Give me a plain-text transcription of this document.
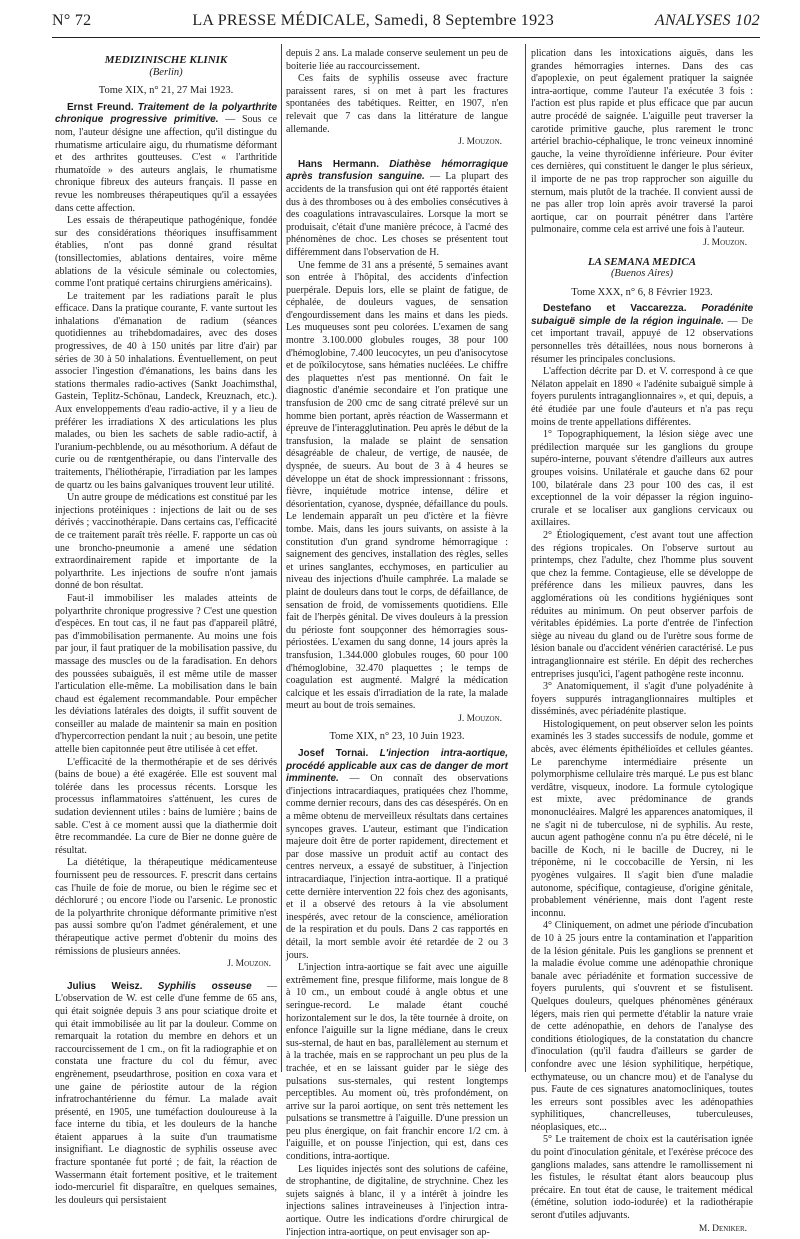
N° 72	LA PRESSE MÉDICALE, Samedi, 8 Septembre 1923	ANALYSES 102

MEDIZINISCHE KLINIK

(Berlin)

Tome XIX, n° 21, 27 Mai 1923.

Ernst Freund. Traitement de la polyarthrite chronique progressive primitive. — Sous ce nom, l'auteur désigne une affection, qu'il distingue du rhumatisme articulaire aigu, du rhumatisme déformant et des arthrites goutteuses. C'est « l'arthritide rhumatoïde » des auteurs anglais, le rhumatisme chronique fibreux des auteurs français. Il passe en revue les nombreuses thérapeutiques qu'il a essayées dans cette affection.

Les essais de thérapeutique pathogénique, fondée sur des considérations théoriques insuffisamment établies, n'ont pas donné grand résultat (tonsillectomies, ablations dentaires, voire même ablations de la vésicule séminale ou colectomies, comme l'ont pratiqué certains chirurgiens américains).

Le traitement par les radiations paraît le plus efficace. Dans la pratique courante, F. vante surtout les inhalations d'émanation de radium (séances quotidiennes au trihebdomadaires, avec des doses progressives, de 40 à 150 unités par litre d'air) par séries de 30 à 50 inhalations. Éventuellement, on peut associer l'ingestion d'émanations, les bains dans les stations thermales radio-actives (Sankt Joachimsthal, Gastein, Teplitz-Schönau, Landeck, Kreuznach, etc.). Aux enveloppements d'eau radio-active, il y a lieu de préférer les irradiations X des articulations les plus malades, ou bien les sachets de sable radio-actif, à l'uranium-pechblende, ou au mésothorium. A défaut de curie ou de rœntgenthérapie, ou dans l'intervalle des traitements, l'héliothérapie, l'irradiation par les lampes de quartz ou les bains galvaniques trouvent leur utilité.

Un autre groupe de médications est constitué par les injections protéiniques : injections de lait ou de ses dérivés ; vaccinothérapie. Dans certains cas, l'efficacité de ce traitement paraît très réelle. F. rapporte un cas où une broncho-pneumonie a amené une sédation extraordinairement rapide et importante de la polyarthrite. Les injections de soufre n'ont jamais donné de bon résultat.

Faut-il immobiliser les malades atteints de polyarthrite chronique progressive ? C'est une question d'espèces. En tout cas, il ne faut pas d'appareil plâtré, pas d'immobilisation permanente. Au moins une fois par jour, il faut pratiquer de la mobilisation passive, du massage des muscles ou de la faradisation. En dehors des poussées subaiguës, il est même utile de masser l'articulation elle-même. La mobilisation dans le bain chaud est également recommandable. Pour empêcher les déviations latérales des doigts, il suffit souvent de conseiller au malade de maintenir sa main en position d'hypercorrection pendant la nuit ; au besoin, une petite attelle bien capitonnée peut être utilisée à cet effet.

L'efficacité de la thermothérapie et de ses dérivés (bains de boue) a été exagérée. Elle est souvent mal tolérée dans les processus récents. Lorsque les processus inflammatoires s'atténuent, les cures de sudation deviennent utiles : bains de lumière ; bains de sable. C'est à ce moment aussi que la diathermie doit être recommandée. La cure de Bier ne donne guère de résultat.

La diététique, la thérapeutique médicamenteuse fournissent peu de ressources. F. prescrit dans certains cas l'huile de foie de morue, ou bien le régime sec et déchloruré ; ou encore l'iode ou l'arsenic. Le pronostic de la polyarthrite chronique déformante primitive n'est pas aussi sombre qu'on l'admet généralement, et une thérapeutique active permet d'obtenir du moins des rémissions de plusieurs années.

J. Mouzon.

Julius Weisz. Syphilis osseuse — L'observation de W. est celle d'une femme de 65 ans, qui était soignée depuis 3 ans pour sciatique droite et qui était immobilisée au lit par la douleur. Comme on remarquait la rotation du membre en dehors et un raccourcissement de 1 cm., on fit la radiographie et on constata une fracture du col du fémur, avec engrènement, pseudarthrose, position en coxa vara et une gaine de périostite autour de la région infratrochantérienne du fémur. La malade avait présenté, en 1905, une tuméfaction douloureuse à la face interne du tibia, et les douleurs de la hanche étaient apparues à la suite d'un traumatisme insignifiant. Le diagnostic de syphilis osseuse avec fracture spontanée fut porté ; de fait, la réaction de Wassermann était fortement positive, et le traitement iodo-mercuriel fit disparaître, en quelques semaines, les douleurs qui persistaient

depuis 2 ans. La malade conserve seulement un peu de boiterie liée au raccourcissement.

Ces faits de syphilis osseuse avec fracture paraissent rares, si on met à part les fractures spontanées des tabétiques. Reitter, en 1907, n'en relevait que 7 cas dans la littérature de langue allemande.

J. Mouzon.

Hans Hermann. Diathèse hémorragique après transfusion sanguine. — La plupart des accidents de la transfusion qui ont été rapportés étaient dus à des thromboses ou à des embolies consécutives à des coagulations intravasculaires. Lorsque la mort se produisait, c'était d'une manière précoce, à l'acmé des phénomènes de choc. Les choses se présentent tout différemment dans l'observation de H.

Une femme de 31 ans a présenté, 5 semaines avant son entrée à l'hôpital, des accidents d'infection puerpérale. Depuis lors, elle se plaint de fatigue, de céphalée, de douleurs vagues, de sensation d'engourdissement dans les mains et dans les pieds. Les muqueuses sont peu colorées. L'examen de sang montre 3.100.000 globules rouges, 38 pour 100 d'hémoglobine, 7.400 leucocytes, un peu d'anisocytose et de poïkilocytose, sans hématies nucléées. Le chiffre des plaquettes n'est pas mentionné. On fait le diagnostic d'anémie secondaire et l'on pratique une transfusion de 200 cmc de sang citraté prélevé sur un homme bien portant, après réaction de Wassermann et épreuve de l'interagglutination. Peu après le début de la transfusion, la malade se plaint de sensation désagréable de chaleur, de vertige, de nausée, de dyspnée, de sueurs. Au bout de 3 à 4 heures se développe un état de shock impressionnant : frissons, fièvre, inquiétude motrice intense, délire et désorientation, cyanose, dyspnée, défaillance du pouls. Le lendemain apparaît un peu d'ictère et la fièvre tombe. Mais, dans les jours suivants, on assiste à la constitution d'un grand syndrome hémorragique : saignement des gencives, installation des règles, selles et urines sanglantes, ecchymoses, en particulier au niveau des injections d'huile camphrée. La malade se plaint de douleurs dans tout le corps, de défaillance, de sensation de froid, de vomissements quotidiens. Elle fait de l'herpès génital. De vives douleurs à la pression du périoste font soupçonner des hémorragies sous-périostées. L'examen du sang donne, 14 jours après la transfusion, 1.344.000 globules rouges, 60 pour 100 d'hémoglobine, 32.470 plaquettes ; le temps de coagulation est augmenté. Malgré la médication calcique et les essais d'irradiation de la rate, la malade meurt au bout de trois semaines.

J. Mouzon.

Tome XIX, n° 23, 10 Juin 1923.

Josef Tornai. L'injection intra-aortique, procédé applicable aux cas de danger de mort imminente. — On connaît des observations d'injections intracardiaques, pratiquées chez l'homme, comme dernier recours, dans des cas désespérés. On en a même obtenu de merveilleux résultats dans certaines syncopes graves. L'auteur, estimant que l'indication majeure doit être de porter rapidement, directement et par dose massive un produit actif au contact des centres nerveux, a essayé de substituer, à l'injection intracardiaque, l'injection intra-aortique. Il a pratiqué cette dernière intervention 22 fois chez des agonisants, et il a observé des retours à la vie absolument inespérés, avec retour de la conscience, amélioration de la respiration et du pouls. Dans 2 cas rapportés en détail, la mort semble avoir été retardée de 2 ou 3 jours.

L'injection intra-aortique se fait avec une aiguille extrêmement fine, presque filiforme, mais longue de 8 à 10 cm., un embout coudé à angle obtus et une seringue-record. Le malade étant couché horizontalement sur le dos, la tête tournée à droite, on enfonce l'aiguille sur la ligne médiane, dans le creux sus-sternal, de haut en bas, parallèlement au sternum et à la trachée, mais en se rapprochant un peu plus de la trachée, et en se laissant guider par le siège des pulsations sus-sternales, qui restent longtemps perceptibles. Au moment où, très profondément, on arrive sur la paroi aortique, on sent très nettement les pulsations se transmettre à l'aiguille. D'une pression un peu plus énergique, on fait franchir encore 1/2 cm. à l'aiguille, et on pousse l'injection, qui est, dans ces conditions, intra-aortique.

Les liquides injectés sont des solutions de caféine, de strophantine, de digitaline, de strychnine. Chez les sujets saignés à blanc, il y a intérêt à joindre les injections salines intraveineuses à l'injection intra-aortique. Outre les indications d'ordre chirurgical de l'injection intra-aortique, on peut envisager son ap-

plication dans les intoxications aiguës, dans les grandes hémorragies internes. Dans des cas d'apoplexie, on peut également pratiquer la saignée intra-aortique, comme l'auteur l'a exécutée 3 fois : l'action est plus rapide et plus efficace que par aucun autre procédé de saignée. L'aiguille peut traverser la carotide primitive gauche, plus rarement le tronc artériel brachio-céphalique, le tronc veineux innominé gauche, la veine thyroïdienne inférieure. Pour éviter ces dernières, qui constituent le danger le plus sérieux, il importe de ne pas trop rapprocher son aiguille du sternum, mais plutôt de la trachée. Il convient aussi de ne pas aller trop loin après avoir traversé la paroi aortique, car on pourrait pénétrer dans l'artère pulmonaire, comme cela est arrivé une fois à l'auteur.

J. Mouzon.

LA SEMANA MEDICA

(Buenos Aires)

Tome XXX, n° 6, 8 Février 1923.

Destefano et Vaccarezza. Poradénite subaiguë simple de la région inguinale. — De cet important travail, appuyé de 12 observations personnelles très détaillées, nous nous bornerons à résumer les principales conclusions.

L'affection décrite par D. et V. correspond à ce que Nélaton appelait en 1890 « l'adénite subaiguë simple à foyers purulents intraganglionnaires », et qui, depuis, a été étudiée par une foule d'auteurs et n'a pas reçu moins de trente appellations différentes.

1° Topographiquement, la lésion siège avec une prédilection marquée sur les ganglions du groupe supéro-interne, pouvant s'étendre d'ailleurs aux autres groupes voisins. Unilatérale et gauche dans 62 pour 100, bilatérale dans 23 pour 100 des cas, il est exceptionnel de la voir dépasser la région inguino-crurale et se localiser aux ganglions cervicaux ou axillaires.

2° Étiologiquement, c'est avant tout une affection des régions tropicales. On l'observe surtout au printemps, chez l'adulte, chez l'homme plus souvent que chez la femme. Contagieuse, elle se développe de préférence dans les milieux pauvres, dans les agglomérations où les conditions hygiéniques sont réduites au minimum. On peut observer parfois de véritables épidémies. La porte d'entrée de l'infection siège au niveau du gland ou de l'urètre sous forme de lésion banale ou d'accident vénérien caractérisé. Le pus intraganglionnaire est stérile. En dépit des recherches entreprises jusqu'ici, l'agent pathogène reste inconnu.

3° Anatomiquement, il s'agit d'une polyadénite à foyers suppurés intraganglionnaires multiples et disséminés, avec périadénite plastique.

Histologiquement, on peut observer selon les points examinés les 3 stades successifs de nodule, gomme et abcès, avec éléments épithélioïdes et cellules géantes. Le parenchyme intermédiaire présente un polymorphisme cellulaire très marqué. Le pus est blanc verdâtre, visqueux, inodore. La formule cytologique est mixte, avec prédominance de grands mononucléaires. Malgré les apparences anatomiques, il ne s'agit ni de tuberculose, ni de syphilis. Au reste, aucun agent pathogène connu n'a pu être décelé, ni le bacille de Koch, ni le bacille de Ducrey, ni le tréponème, ni le coccobacille de Yersin, ni les pyogènes vulgaires. Il s'agit bien d'une maladie autonome, spécifique, contagieuse, d'origine génitale, probablement vénérienne, mais dont l'agent reste inconnu.

4° Cliniquement, on admet une période d'incubation de 10 à 25 jours entre la contamination et l'apparition de la lésion génitale. Puis les ganglions se prennent et la maladie évolue comme une adénopathie chronique banale avec périadénite et formation successive de foyers purulents, qui s'ouvrent et se fistulisent. Quelques douleurs, quelques phénomènes généraux légers, mais rien qui permette d'établir la nature vraie de cette adénopathie, en dehors de l'analyse des conditions étiologiques, de la constatation du chancre d'inoculation (qu'il faudra d'ailleurs se garder de confondre avec une lésion syphilitique, herpétique, ecthymateuse, ou un chancre mou) et de l'analyse du pus. Faute de ces signatures anatomocliniques, toutes les erreurs sont possibles avec les adénopathies syphilitiques, chancrelleuses, tuberculeuses, néoplasiques, etc...

5° Le traitement de choix est la cautérisation ignée du point d'inoculation génitale, et l'exérèse précoce des ganglions malades, sans attendre le ramollissement ni les fistules, le résultat étant alors beaucoup plus précaire. En tout état de cause, le traitement médical (émétine, solution iodo-iodurée) et la radiothérapie seront d'utiles adjuvants.

M. Deniker.
